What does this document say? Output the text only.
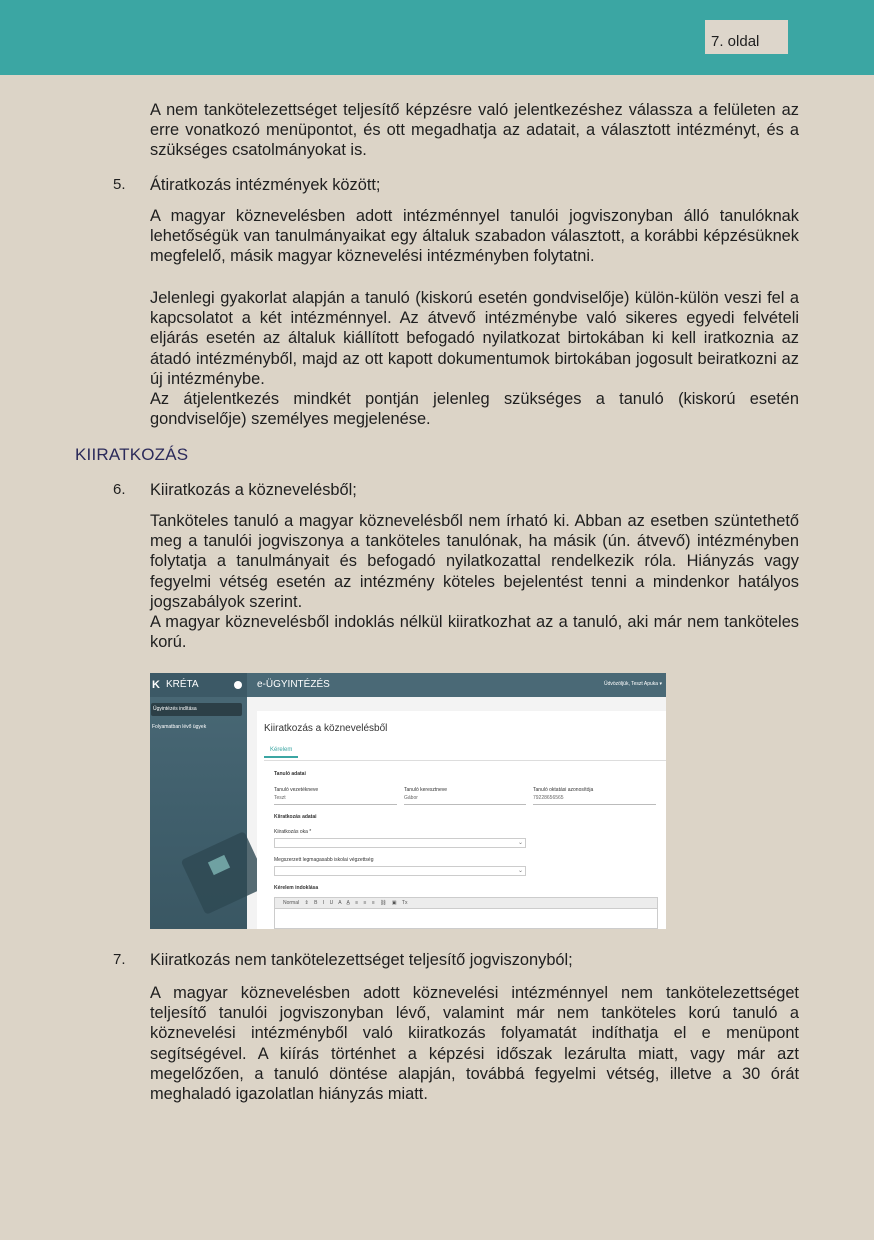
7. oldal

A nem tankötelezettséget teljesítő képzésre való jelentkezéshez válassza a felületen az erre vonatkozó menüpontot, és ott megadhatja az adatait, a választott intézményt, és a szükséges csatolmányokat is.

5. Átiratkozás intézmények között;

A magyar köznevelésben adott intézménnyel tanulói jogviszonyban álló tanulóknak lehetőségük van tanulmányaikat egy általuk szabadon választott, a korábbi képzésüknek megfelelő, másik magyar köznevelési intézményben folytatni.

Jelenlegi gyakorlat alapján a tanuló (kiskorú esetén gondviselője) külön-külön veszi fel a kapcsolatot a két intézménnyel. Az átvevő intézménybe való sikeres egyedi felvételi eljárás esetén az általuk kiállított befogadó nyilatkozat birtokában ki kell iratkoznia az átadó intézményből, majd az ott kapott dokumentumok birtokában jogosult beiratkozni az új intézménybe.

Az átjelentkezés mindkét pontján jelenleg szükséges a tanuló (kiskorú esetén gondviselője) személyes megjelenése.

KIIRATKOZÁS
6. Kiiratkozás a köznevelésből;

Tanköteles tanuló a magyar köznevelésből nem írható ki. Abban az esetben szüntethető meg a tanulói jogviszonya a tanköteles tanulónak, ha másik (ún. átvevő) intézményben folytatja a tanulmányait és befogadó nyilatkozattal rendelkezik róla. Hiányzás vagy fegyelmi vétség esetén az intézmény köteles bejelentést tenni a mindenkor hatályos jogszabályok szerint.

A magyar köznevelésből indoklás nélkül kiiratkozhat az a tanuló, aki már nem tanköteles korú.

K KRÉTA
Ügyintézés indítása
Folyamatban lévő ügyek
e-ÜGYINTÉZÉS	Üdvözöljük, Teszt Apuka ▾
Kiiratkozás a köznevelésből
Kérelem
Tanuló adatai
Tanuló vezetékneve
Teszt
Tanuló keresztneve
Gábor
Tanuló oktatási azonosítója
79228656565
Kiiratkozás adatai
Kiiratkozás oka *
⌄
Megszerzett legmagasabb iskolai végzettség
⌄
Kérelem indoklása
Normal ⇕ B I U A A̲ ≡ ≡ ≡ ⛓ ▣ Tx
7. Kiiratkozás nem tankötelezettséget teljesítő jogviszonyból;

A magyar köznevelésben adott köznevelési intézménnyel nem tankötelezettséget teljesítő tanulói jogviszonyban lévő, valamint már nem tanköteles korú tanuló a köznevelési intézményből való kiiratkozás folyamatát indíthatja el e menüpont segítségével. A kiírás történhet a képzési időszak lezárulta miatt, vagy már azt megelőzően, a tanuló döntése alapján, továbbá fegyelmi vétség, illetve a 30 órát meghaladó igazolatlan hiányzás miatt.
